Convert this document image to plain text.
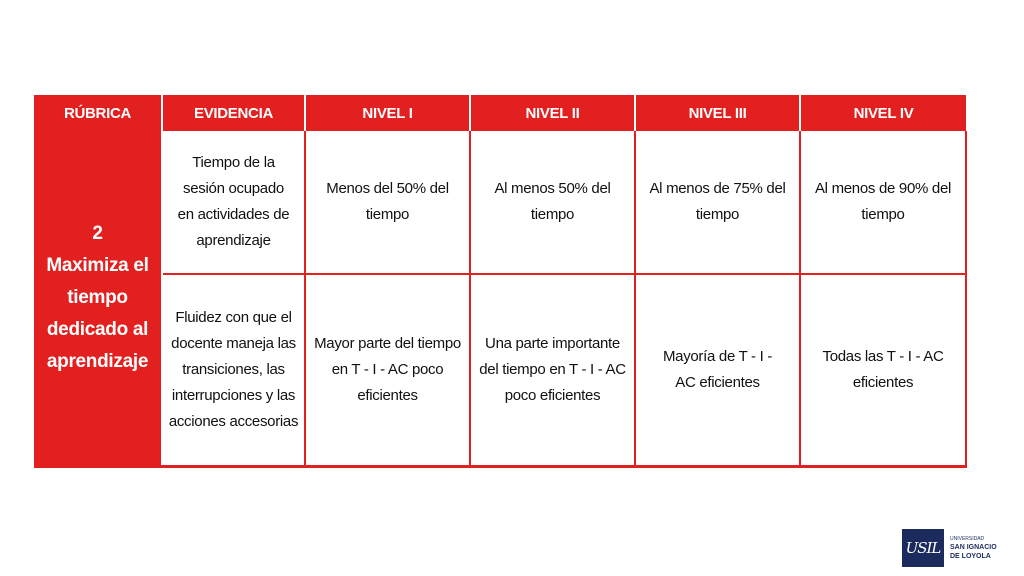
RÚBRICA	EVIDENCIA	NIVEL I	NIVEL II	NIVEL III	NIVEL IV

2
Maximiza el
tiempo
dedicado al
aprendizaje	Tiempo de la sesión ocupado en actividades de aprendizaje	Menos del 50% del tiempo	Al menos 50% del tiempo	Al menos de 75% del tiempo	Al menos de 90% del tiempo
	Fluidez con que el docente maneja las transiciones, las interrupciones y las acciones accesorias	Mayor parte del tiempo en T - I - AC poco eficientes	Una parte importante del tiempo en T - I - AC poco eficientes	Mayoría de T - I - AC eficientes	Todas las T - I - AC eficientes
USIL	UNIVERSIDAD
SAN IGNACIO
DE LOYOLA
